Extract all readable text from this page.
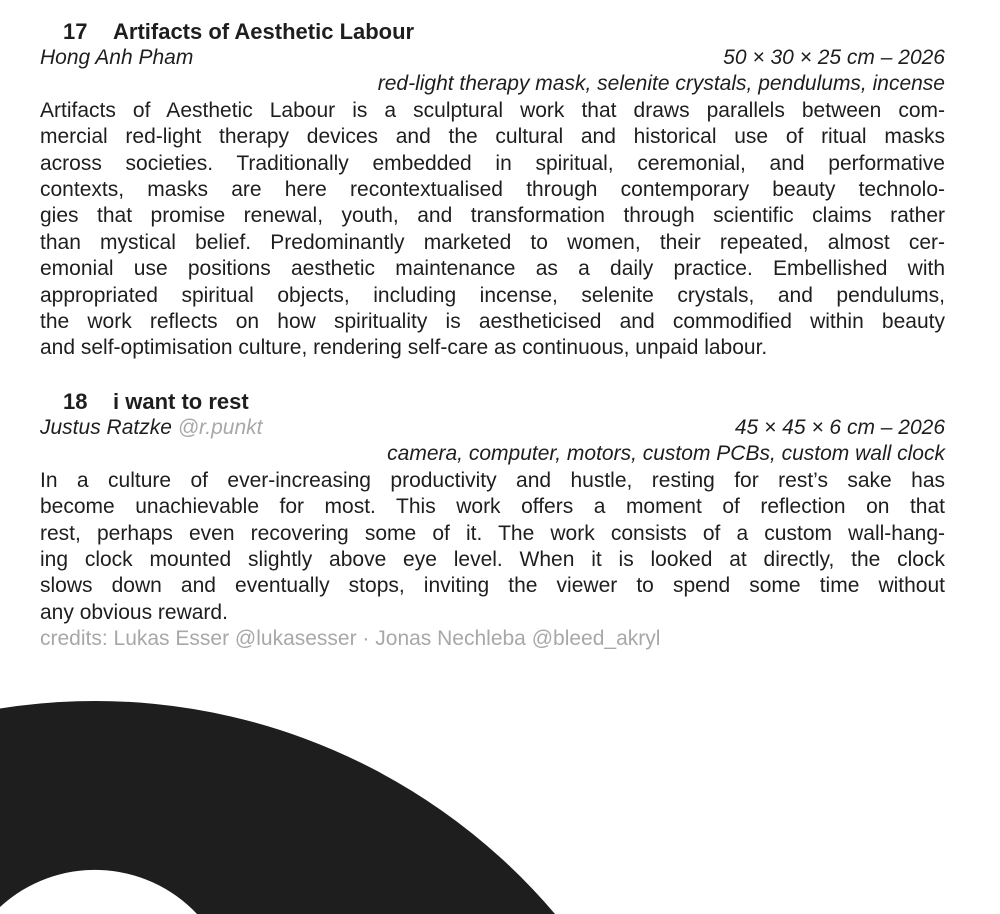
17 Artifacts of Aesthetic Labour
Hong Anh Pham	50 × 30 × 25 cm – 2026
red-light therapy mask, selenite crystals, pendulums, incense
Artifacts of Aesthetic Labour is a sculptural work that draws parallels between com-
mercial red-light therapy devices and the cultural and historical use of ritual masks
across societies. Traditionally embedded in spiritual, ceremonial, and performative
contexts, masks are here recontextualised through contemporary beauty technolo-
gies that promise renewal, youth, and transformation through scientific claims rather
than mystical belief. Predominantly marketed to women, their repeated, almost cer-
emonial use positions aesthetic maintenance as a daily practice. Embellished with
appropriated spiritual objects, including incense, selenite crystals, and pendulums,
the work reflects on how spirituality is aestheticised and commodified within beauty
and self-optimisation culture, rendering self-care as continuous, unpaid labour.
18 i want to rest
Justus Ratzke @r.punkt	45 × 45 × 6 cm – 2026
camera, computer, motors, custom PCBs, custom wall clock
In a culture of ever-increasing productivity and hustle, resting for rest’s sake has
become unachievable for most. This work offers a moment of reflection on that
rest, perhaps even recovering some of it. The work consists of a custom wall-hang-
ing clock mounted slightly above eye level. When it is looked at directly, the clock
slows down and eventually stops, inviting the viewer to spend some time without
any obvious reward.
credits: Lukas Esser @lukasesser · Jonas Nechleba @bleed_akryl
